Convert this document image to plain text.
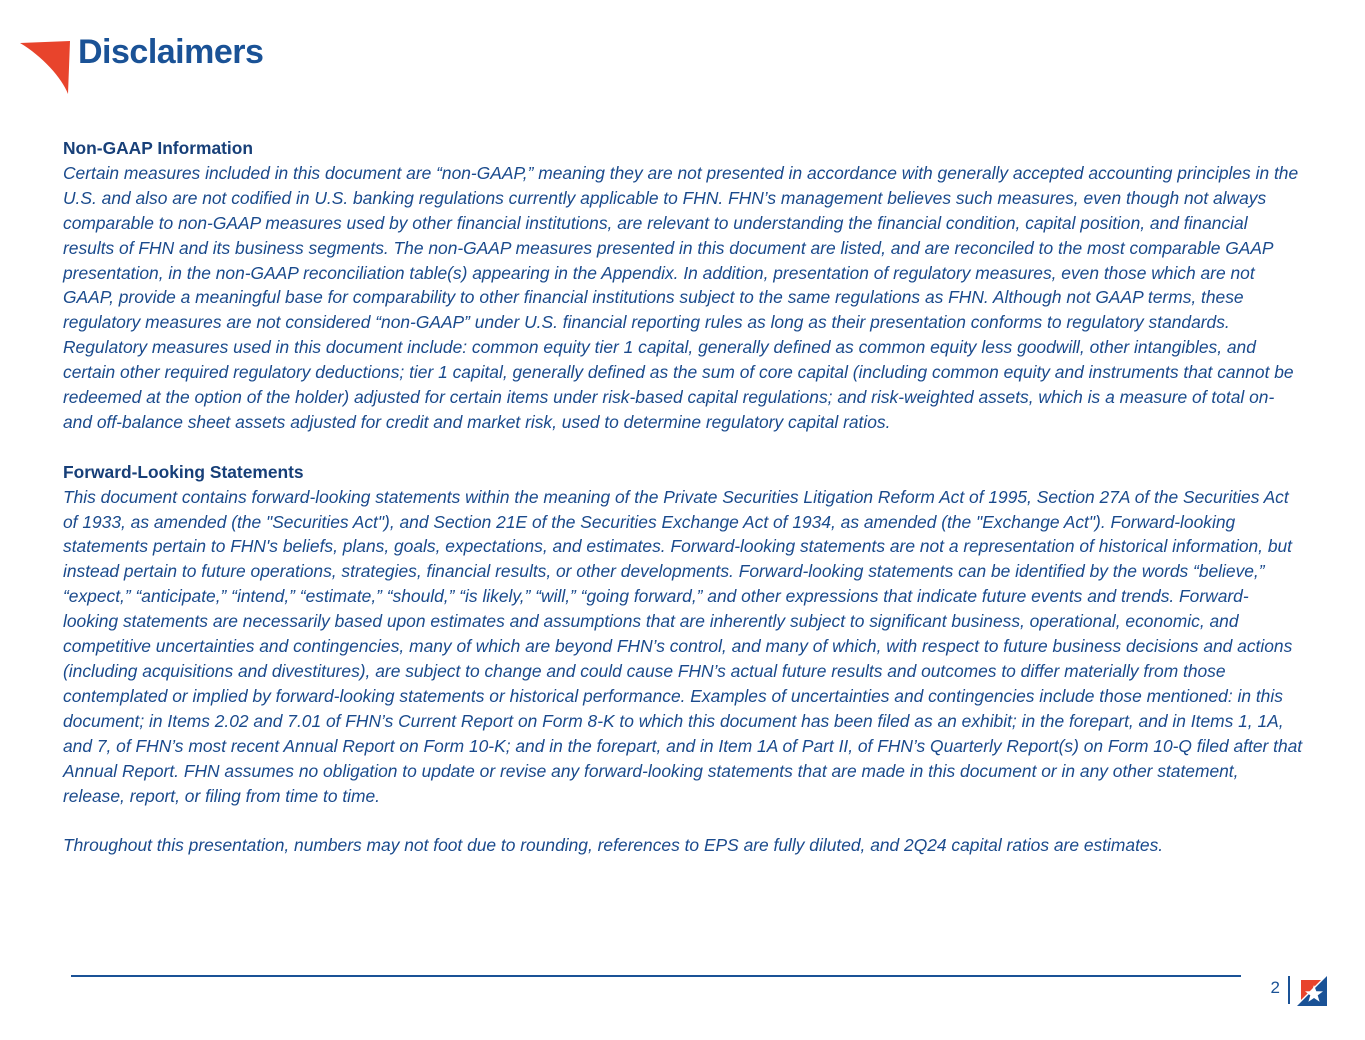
Disclaimers
Non-GAAP Information

Certain measures included in this document are “non-GAAP,” meaning they are not presented in accordance with generally accepted accounting principles in the U.S. and also are not codified in U.S. banking regulations currently applicable to FHN. FHN’s management believes such measures, even though not always comparable to non-GAAP measures used by other financial institutions, are relevant to understanding the financial condition, capital position, and financial results of FHN and its business segments. The non-GAAP measures presented in this document are listed, and are reconciled to the most comparable GAAP presentation, in the non-GAAP reconciliation table(s) appearing in the Appendix. In addition, presentation of regulatory measures, even those which are not GAAP, provide a meaningful base for comparability to other financial institutions subject to the same regulations as FHN. Although not GAAP terms, these regulatory measures are not considered “non-GAAP” under U.S. financial reporting rules as long as their presentation conforms to regulatory standards. Regulatory measures used in this document include: common equity tier 1 capital, generally defined as common equity less goodwill, other intangibles, and certain other required regulatory deductions; tier 1 capital, generally defined as the sum of core capital (including common equity and instruments that cannot be redeemed at the option of the holder) adjusted for certain items under risk-based capital regulations; and risk-weighted assets, which is a measure of total on- and off-balance sheet assets adjusted for credit and market risk, used to determine regulatory capital ratios.

Forward-Looking Statements

This document contains forward-looking statements within the meaning of the Private Securities Litigation Reform Act of 1995, Section 27A of the Securities Act of 1933, as amended (the "Securities Act"), and Section 21E of the Securities Exchange Act of 1934, as amended (the "Exchange Act"). Forward-looking statements pertain to FHN's beliefs, plans, goals, expectations, and estimates. Forward-looking statements are not a representation of historical information, but instead pertain to future operations, strategies, financial results, or other developments. Forward-looking statements can be identified by the words “believe,” “expect,” “anticipate,” “intend,” “estimate,” “should,” “is likely,” “will,” “going forward,” and other expressions that indicate future events and trends. Forward-looking statements are necessarily based upon estimates and assumptions that are inherently subject to significant business, operational, economic, and competitive uncertainties and contingencies, many of which are beyond FHN’s control, and many of which, with respect to future business decisions and actions (including acquisitions and divestitures), are subject to change and could cause FHN’s actual future results and outcomes to differ materially from those contemplated or implied by forward-looking statements or historical performance. Examples of uncertainties and contingencies include those mentioned: in this document; in Items 2.02 and 7.01 of FHN’s Current Report on Form 8-K to which this document has been filed as an exhibit; in the forepart, and in Items 1, 1A, and 7, of FHN’s most recent Annual Report on Form 10-K; and in the forepart, and in Item 1A of Part II, of FHN’s Quarterly Report(s) on Form 10-Q filed after that Annual Report. FHN assumes no obligation to update or revise any forward-looking statements that are made in this document or in any other statement, release, report, or filing from time to time.

Throughout this presentation, numbers may not foot due to rounding, references to EPS are fully diluted, and 2Q24 capital ratios are estimates.

2
